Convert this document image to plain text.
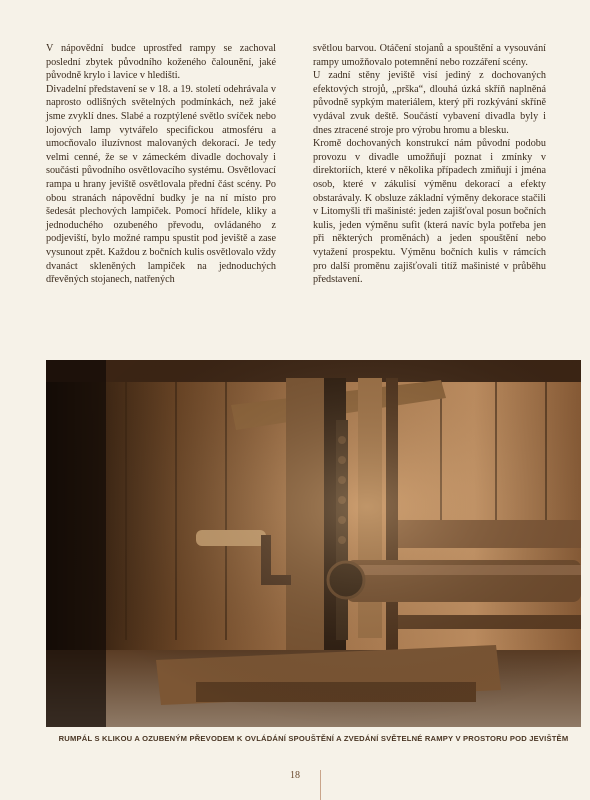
V nápovědní budce uprostřed rampy se zachoval poslední zbytek původního koženého čalounění, jaké původně krylo i lavice v hledišti.

Divadelní představení se v 18. a 19. století odehrávala v naprosto odlišných světelných podmínkách, než jaké jsme zvyklí dnes. Slabé a rozptýlené světlo svíček nebo lojových lamp vytvářelo specifickou atmosféru a umocňovalo iluzívnost malovaných dekorací. Je tedy velmi cenné, že se v zámeckém divadle dochovaly i součásti původního osvětlovacího systému. Osvětlovací rampa u hrany jeviště osvětlovala přední část scény. Po obou stranách nápovědní budky je na ní místo pro šedesát plechových lampiček. Pomocí hřídele, kliky a jednoduchého ozubeného převodu, ovládaného z podjeviští, bylo možné rampu spustit pod jeviště a zase vysunout zpět. Každou z bočních kulis osvětlovalo vždy dvanáct skleněných lampiček na jednoduchých dřevěných stojanech, natřených

světlou barvou. Otáčení stojanů a spouštění a vysouvání rampy umožňovalo potemnění nebo rozzáření scény.

U zadní stěny jeviště visí jediný z dochovaných efektových strojů, „prška“, dlouhá úzká skříň naplněná původně sypkým materiálem, který při rozkývání skříně vydával zvuk deště. Součástí vybavení divadla byly i dnes ztracené stroje pro výrobu hromu a blesku.

Kromě dochovaných konstrukcí nám původní podobu provozu v divadle umožňují poznat i zmínky v direktoriích, které v několika případech zmiňují i jména osob, které v zákulisí výměnu dekorací a efekty obstarávaly. K obsluze základní výměny dekorace stačili v Litomyšli tři mašinisté: jeden zajišťoval posun bočních kulis, jeden výměnu sufit (která navíc byla potřeba jen při některých proměnách) a jeden spouštění nebo vytažení prospektu. Výměnu bočních kulis v rámcích pro další proměnu zajišťovali titíž mašinisté v průběhu představení.

RUMPÁL S KLIKOU A OZUBENÝM PŘEVODEM K OVLÁDÁNÍ SPOUŠTĚNÍ A ZVEDÁNÍ SVĚTELNÉ RAMPY V PROSTORU POD JEVIŠTĚM
18
